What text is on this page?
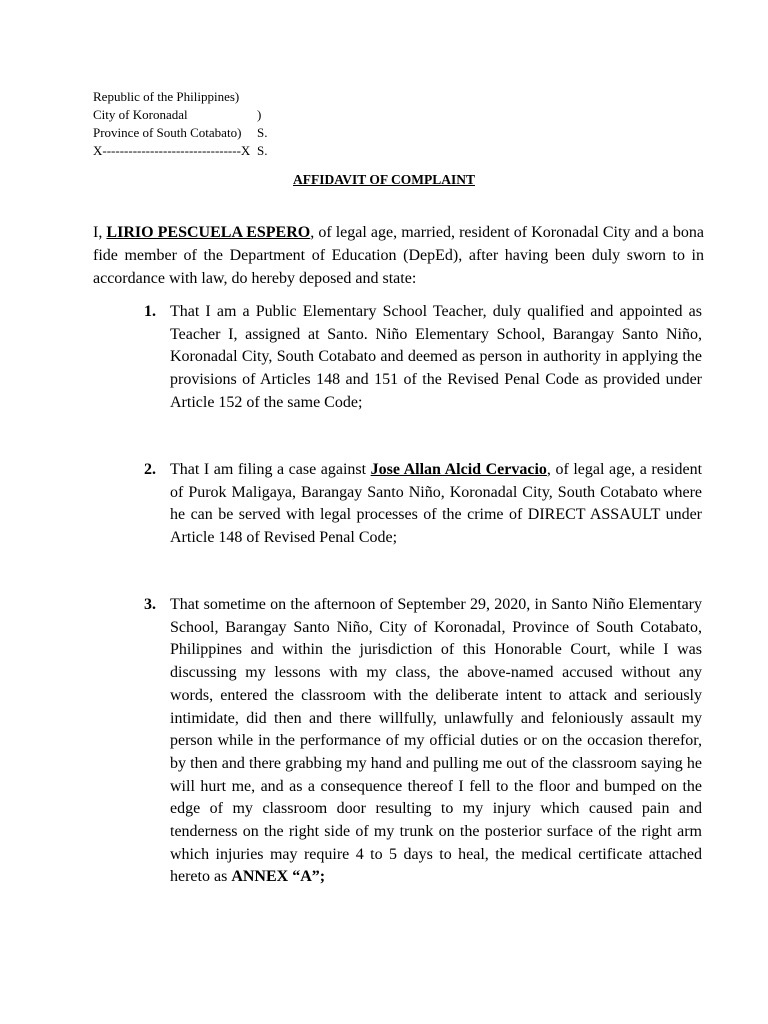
Republic of the Philippines)
City of Koronadal	) S. S.
Province of South Cotabato)
X--------------------------------X
AFFIDAVIT OF COMPLAINT
I, LIRIO PESCUELA ESPERO, of legal age, married, resident of Koronadal City and a bona fide member of the Department of Education (DepEd), after having been duly sworn to in accordance with law, do hereby deposed and state:
1. That I am a Public Elementary School Teacher, duly qualified and appointed as Teacher I, assigned at Santo. Niño Elementary School, Barangay Santo Niño, Koronadal City, South Cotabato and deemed as person in authority in applying the provisions of Articles 148 and 151 of the Revised Penal Code as provided under Article 152 of the same Code;
2. That I am filing a case against Jose Allan Alcid Cervacio, of legal age, a resident of Purok Maligaya, Barangay Santo Niño, Koronadal City, South Cotabato where he can be served with legal processes of the crime of DIRECT ASSAULT under Article 148 of Revised Penal Code;
3. That sometime on the afternoon of September 29, 2020, in Santo Niño Elementary School, Barangay Santo Niño, City of Koronadal, Province of South Cotabato, Philippines and within the jurisdiction of this Honorable Court, while I was discussing my lessons with my class, the above-named accused without any words, entered the classroom with the deliberate intent to attack and seriously intimidate, did then and there willfully, unlawfully and feloniously assault my person while in the performance of my official duties or on the occasion therefor, by then and there grabbing my hand and pulling me out of the classroom saying he will hurt me, and as a consequence thereof I fell to the floor and bumped on the edge of my classroom door resulting to my injury which caused pain and tenderness on the right side of my trunk on the posterior surface of the right arm which injuries may require 4 to 5 days to heal, the medical certificate attached hereto as ANNEX “A”;
